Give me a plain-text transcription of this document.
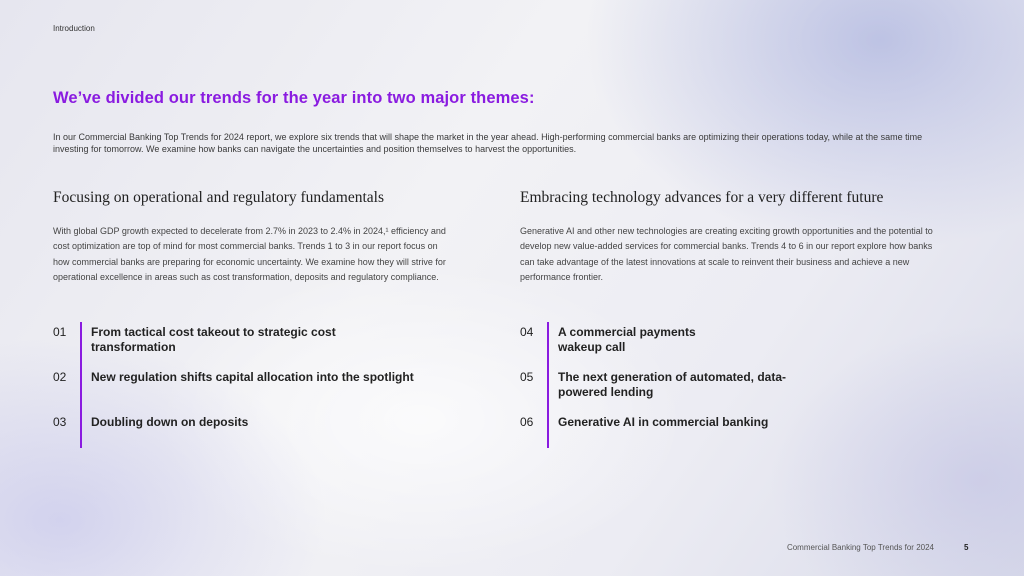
Introduction
We’ve divided our trends for the year into two major themes:

In our Commercial Banking Top Trends for 2024 report, we explore six trends that will shape the market in the year ahead. High-performing commercial banks are optimizing their operations today, while at the same time investing for tomorrow. We examine how banks can navigate the uncertainties and position themselves to harvest the opportunities.

Focusing on operational and regulatory fundamentals

With global GDP growth expected to decelerate from 2.7% in 2023 to 2.4% in 2024,¹ efficiency and cost optimization are top of mind for most commercial banks. Trends 1 to 3 in our report focus on how commercial banks are preparing for economic uncertainty. We examine how they will strive for operational excellence in areas such as cost transformation, deposits and regulatory compliance.

Embracing technology advances for a very different future

Generative AI and other new technologies are creating exciting growth opportunities and the potential to develop new value-added services for commercial banks. Trends 4 to 6 in our report explore how banks can take advantage of the latest innovations at scale to reinvent their business and achieve a new performance frontier.

01 From tactical cost takeout to strategic cost transformation
02 New regulation shifts capital allocation into the spotlight
03 Doubling down on deposits
04 A commercial payments wakeup call
05 The next generation of automated, data-powered lending
06 Generative AI in commercial banking
Commercial Banking Top Trends for 2024	5
